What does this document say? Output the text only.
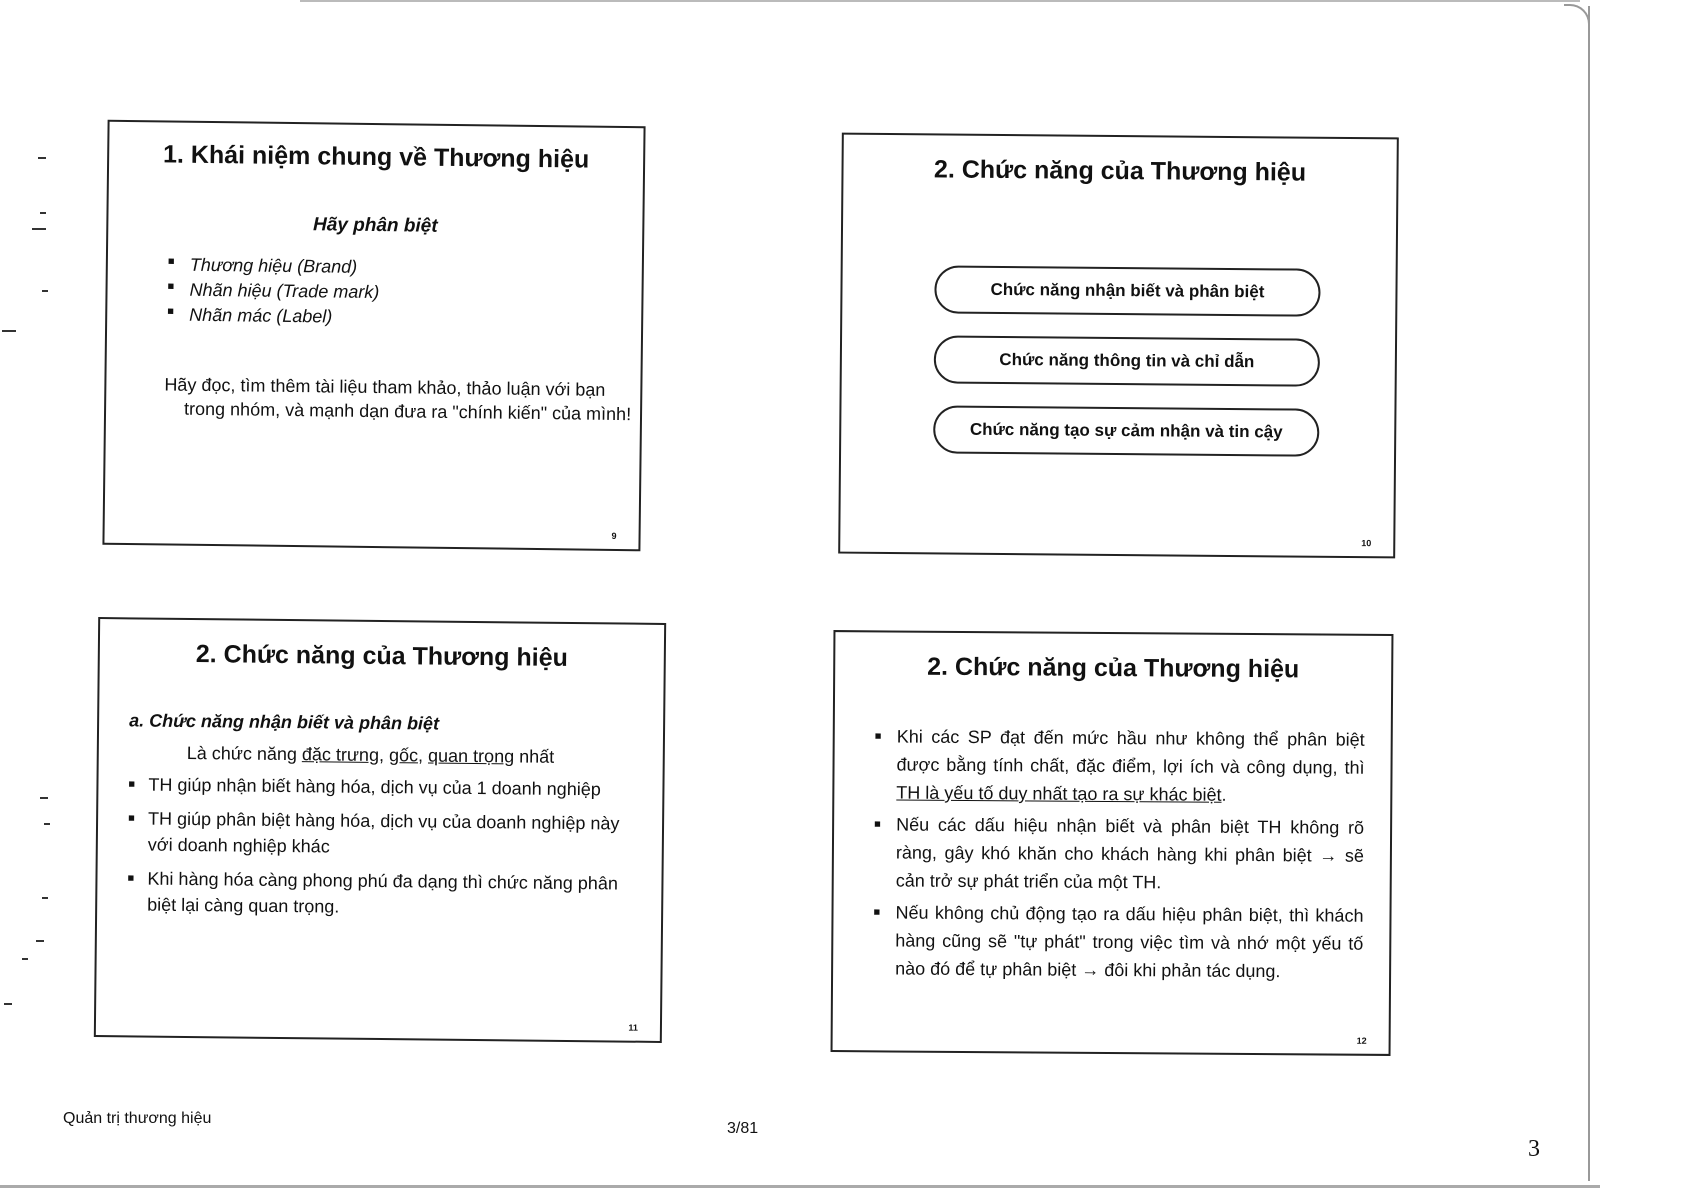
1. Khái niệm chung về Thương hiệu
Hãy phân biệt
■ Thương hiệu (Brand)
■ Nhãn hiệu (Trade mark)
■ Nhãn mác (Label)
Hãy đọc, tìm thêm tài liệu tham khảo, thảo luận với bạn
trong nhóm, và mạnh dạn đưa ra "chính kiến" của mình!
9
2. Chức năng của Thương hiệu
Chức năng nhận biết và phân biệt
Chức năng thông tin và chỉ dẫn
Chức năng tạo sự cảm nhận và tin cậy
10
2. Chức năng của Thương hiệu
a. Chức năng nhận biết và phân biệt
Là chức năng đặc trưng, gốc, quan trọng nhất
■ TH giúp nhận biết hàng hóa, dịch vụ của 1 doanh nghiệp
■ TH giúp phân biệt hàng hóa, dịch vụ của doanh nghiệp này với doanh nghiệp khác
■ Khi hàng hóa càng phong phú đa dạng thì chức năng phân biệt lại càng quan trọng.
11
2. Chức năng của Thương hiệu
■ Khi các SP đạt đến mức hầu như không thể phân biệt được bằng tính chất, đặc điểm, lợi ích và công dụng, thì TH là yếu tố duy nhất tạo ra sự khác biệt.
■ Nếu các dấu hiệu nhận biết và phân biệt TH không rõ ràng, gây khó khăn cho khách hàng khi phân biệt → sẽ cản trở sự phát triển của một TH.
■ Nếu không chủ động tạo ra dấu hiệu phân biệt, thì khách hàng cũng sẽ "tự phát" trong việc tìm và nhớ một yếu tố nào đó để tự phân biệt → đôi khi phản tác dụng.
12
Quản trị thương hiệu
3/81
3
